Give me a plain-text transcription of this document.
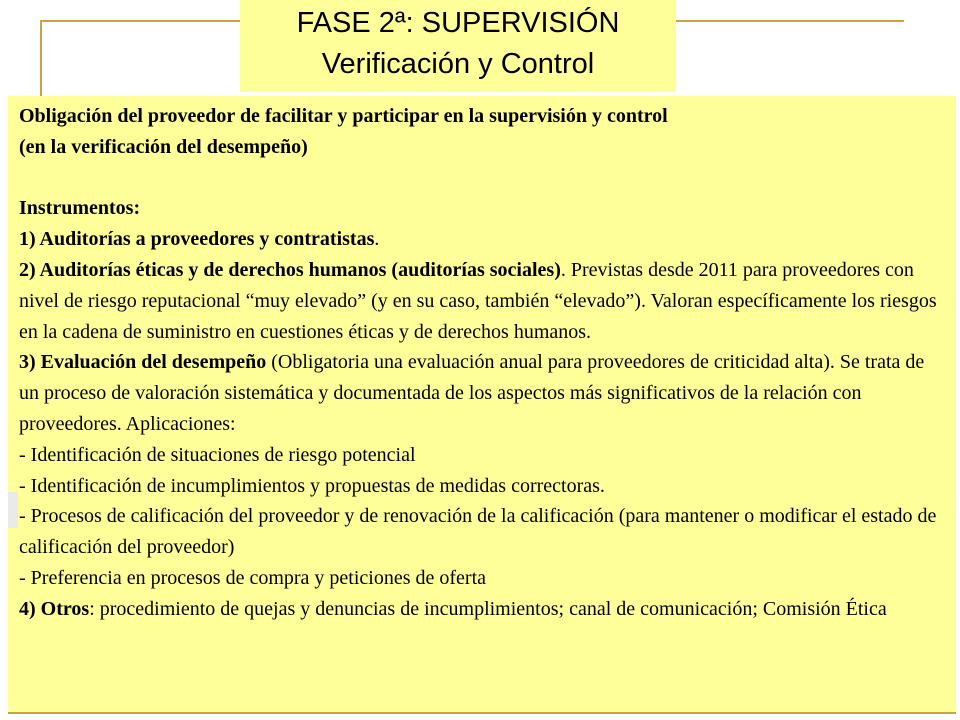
FASE 2ª: SUPERVISIÓN
Verificación y Control

Obligación del proveedor de facilitar y participar en la supervisión y control

(en la verificación del desempeño)

Instrumentos:

1) Auditorías a proveedores y contratistas.

2) Auditorías éticas y de derechos humanos (auditorías sociales). Previstas desde 2011 para proveedores con nivel de riesgo reputacional “muy elevado” (y en su caso, también “elevado”). Valoran específicamente los riesgos en la cadena de suministro en cuestiones éticas y de derechos humanos.

3) Evaluación del desempeño (Obligatoria una evaluación anual para proveedores de criticidad alta). Se trata de un proceso de valoración sistemática y documentada de los aspectos más significativos de la relación con proveedores. Aplicaciones:

- Identificación de situaciones de riesgo potencial

- Identificación de incumplimientos y propuestas de medidas correctoras.

- Procesos de calificación del proveedor y de renovación de la calificación (para mantener o modificar el estado de calificación del proveedor)

- Preferencia en procesos de compra y peticiones de oferta

4) Otros: procedimiento de quejas y denuncias de incumplimientos; canal de comunicación; Comisión Ética
